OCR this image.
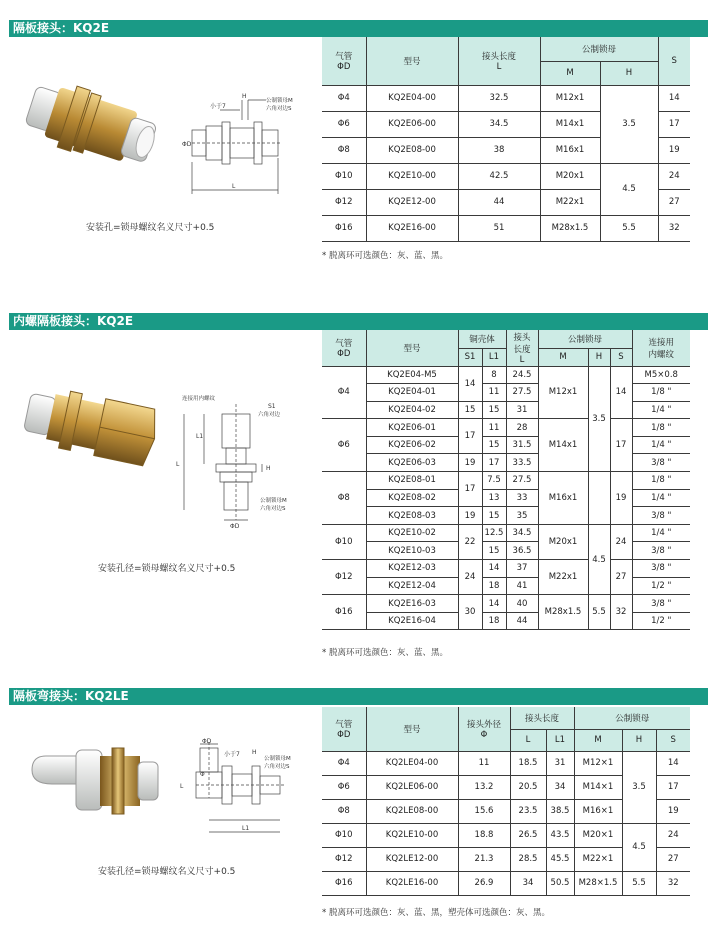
隔板接头：KQ2E
小于7
H
公制锁母M
六角对边S
ΦD
L
安装孔=锁母螺纹名义尺寸+0.5
气管
ΦD	型号	接头长度
L	公制锁母		S
			M	H	
Φ4	KQ2E04-00	32.5	M12x1	3.5	14
Φ6	KQ2E06-00	34.5	M14x1		17
Φ8	KQ2E08-00	38	M16x1		19
Φ10	KQ2E10-00	42.5	M20x1	4.5	24
Φ12	KQ2E12-00	44	M22x1		27
Φ16	KQ2E16-00	51	M28x1.5	5.5	32
* 脱离环可选颜色：灰、蓝、黑。
内螺隔板接头：KQ2E
连接用内螺纹
S1
六角对边
L1
L
H
公制锁母M
六角对边S
ΦD
安装孔径=锁母螺纹名义尺寸+0.5
气管
ΦD	型号	铜壳体		接头
长度
L	公制锁母			连接用
内螺纹
		S1	L1		M	H	S	
Φ4	KQ2E04-M5	14	8	24.5	M12x1	3.5	14	M5×0.8
	KQ2E04-01		11	27.5				1/8 "
	KQ2E04-02	15	15	31				1/4 "
Φ6	KQ2E06-01	17	11	28	M14x1		17	1/8 "
	KQ2E06-02		15	31.5				1/4 "
	KQ2E06-03	19	17	33.5				3/8 "
Φ8	KQ2E08-01	17	7.5	27.5	M16x1		19	1/8 "
	KQ2E08-02		13	33				1/4 "
	KQ2E08-03	19	15	35				3/8 "
Φ10	KQ2E10-02	22	12.5	34.5	M20x1	4.5	24	1/4 "
	KQ2E10-03		15	36.5				3/8 "
Φ12	KQ2E12-03	24	14	37	M22x1		27	3/8 "
	KQ2E12-04		18	41				1/2 "
Φ16	KQ2E16-03	30	14	40	M28x1.5	5.5	32	3/8 "
	KQ2E16-04		18	44				1/2 "
* 脱离环可选颜色：灰、蓝、黑。
隔板弯接头：KQ2LE
ΦD
小于7 H
公制锁母M
六角对边S
L
Φ
L1
安装孔径=锁母螺纹名义尺寸+0.5
气管
ΦD	型号	接头外径
Φ	接头长度		公制锁母		
			L	L1	M	H	S
Φ4	KQ2LE04-00	11	18.5	31	M12×1	3.5	14
Φ6	KQ2LE06-00	13.2	20.5	34	M14×1		17
Φ8	KQ2LE08-00	15.6	23.5	38.5	M16×1		19
Φ10	KQ2LE10-00	18.8	26.5	43.5	M20×1	4.5	24
Φ12	KQ2LE12-00	21.3	28.5	45.5	M22×1		27
Φ16	KQ2LE16-00	26.9	34	50.5	M28×1.5	5.5	32
* 脱离环可选颜色：灰、蓝、黑，塑壳体可选颜色：灰、黑。
